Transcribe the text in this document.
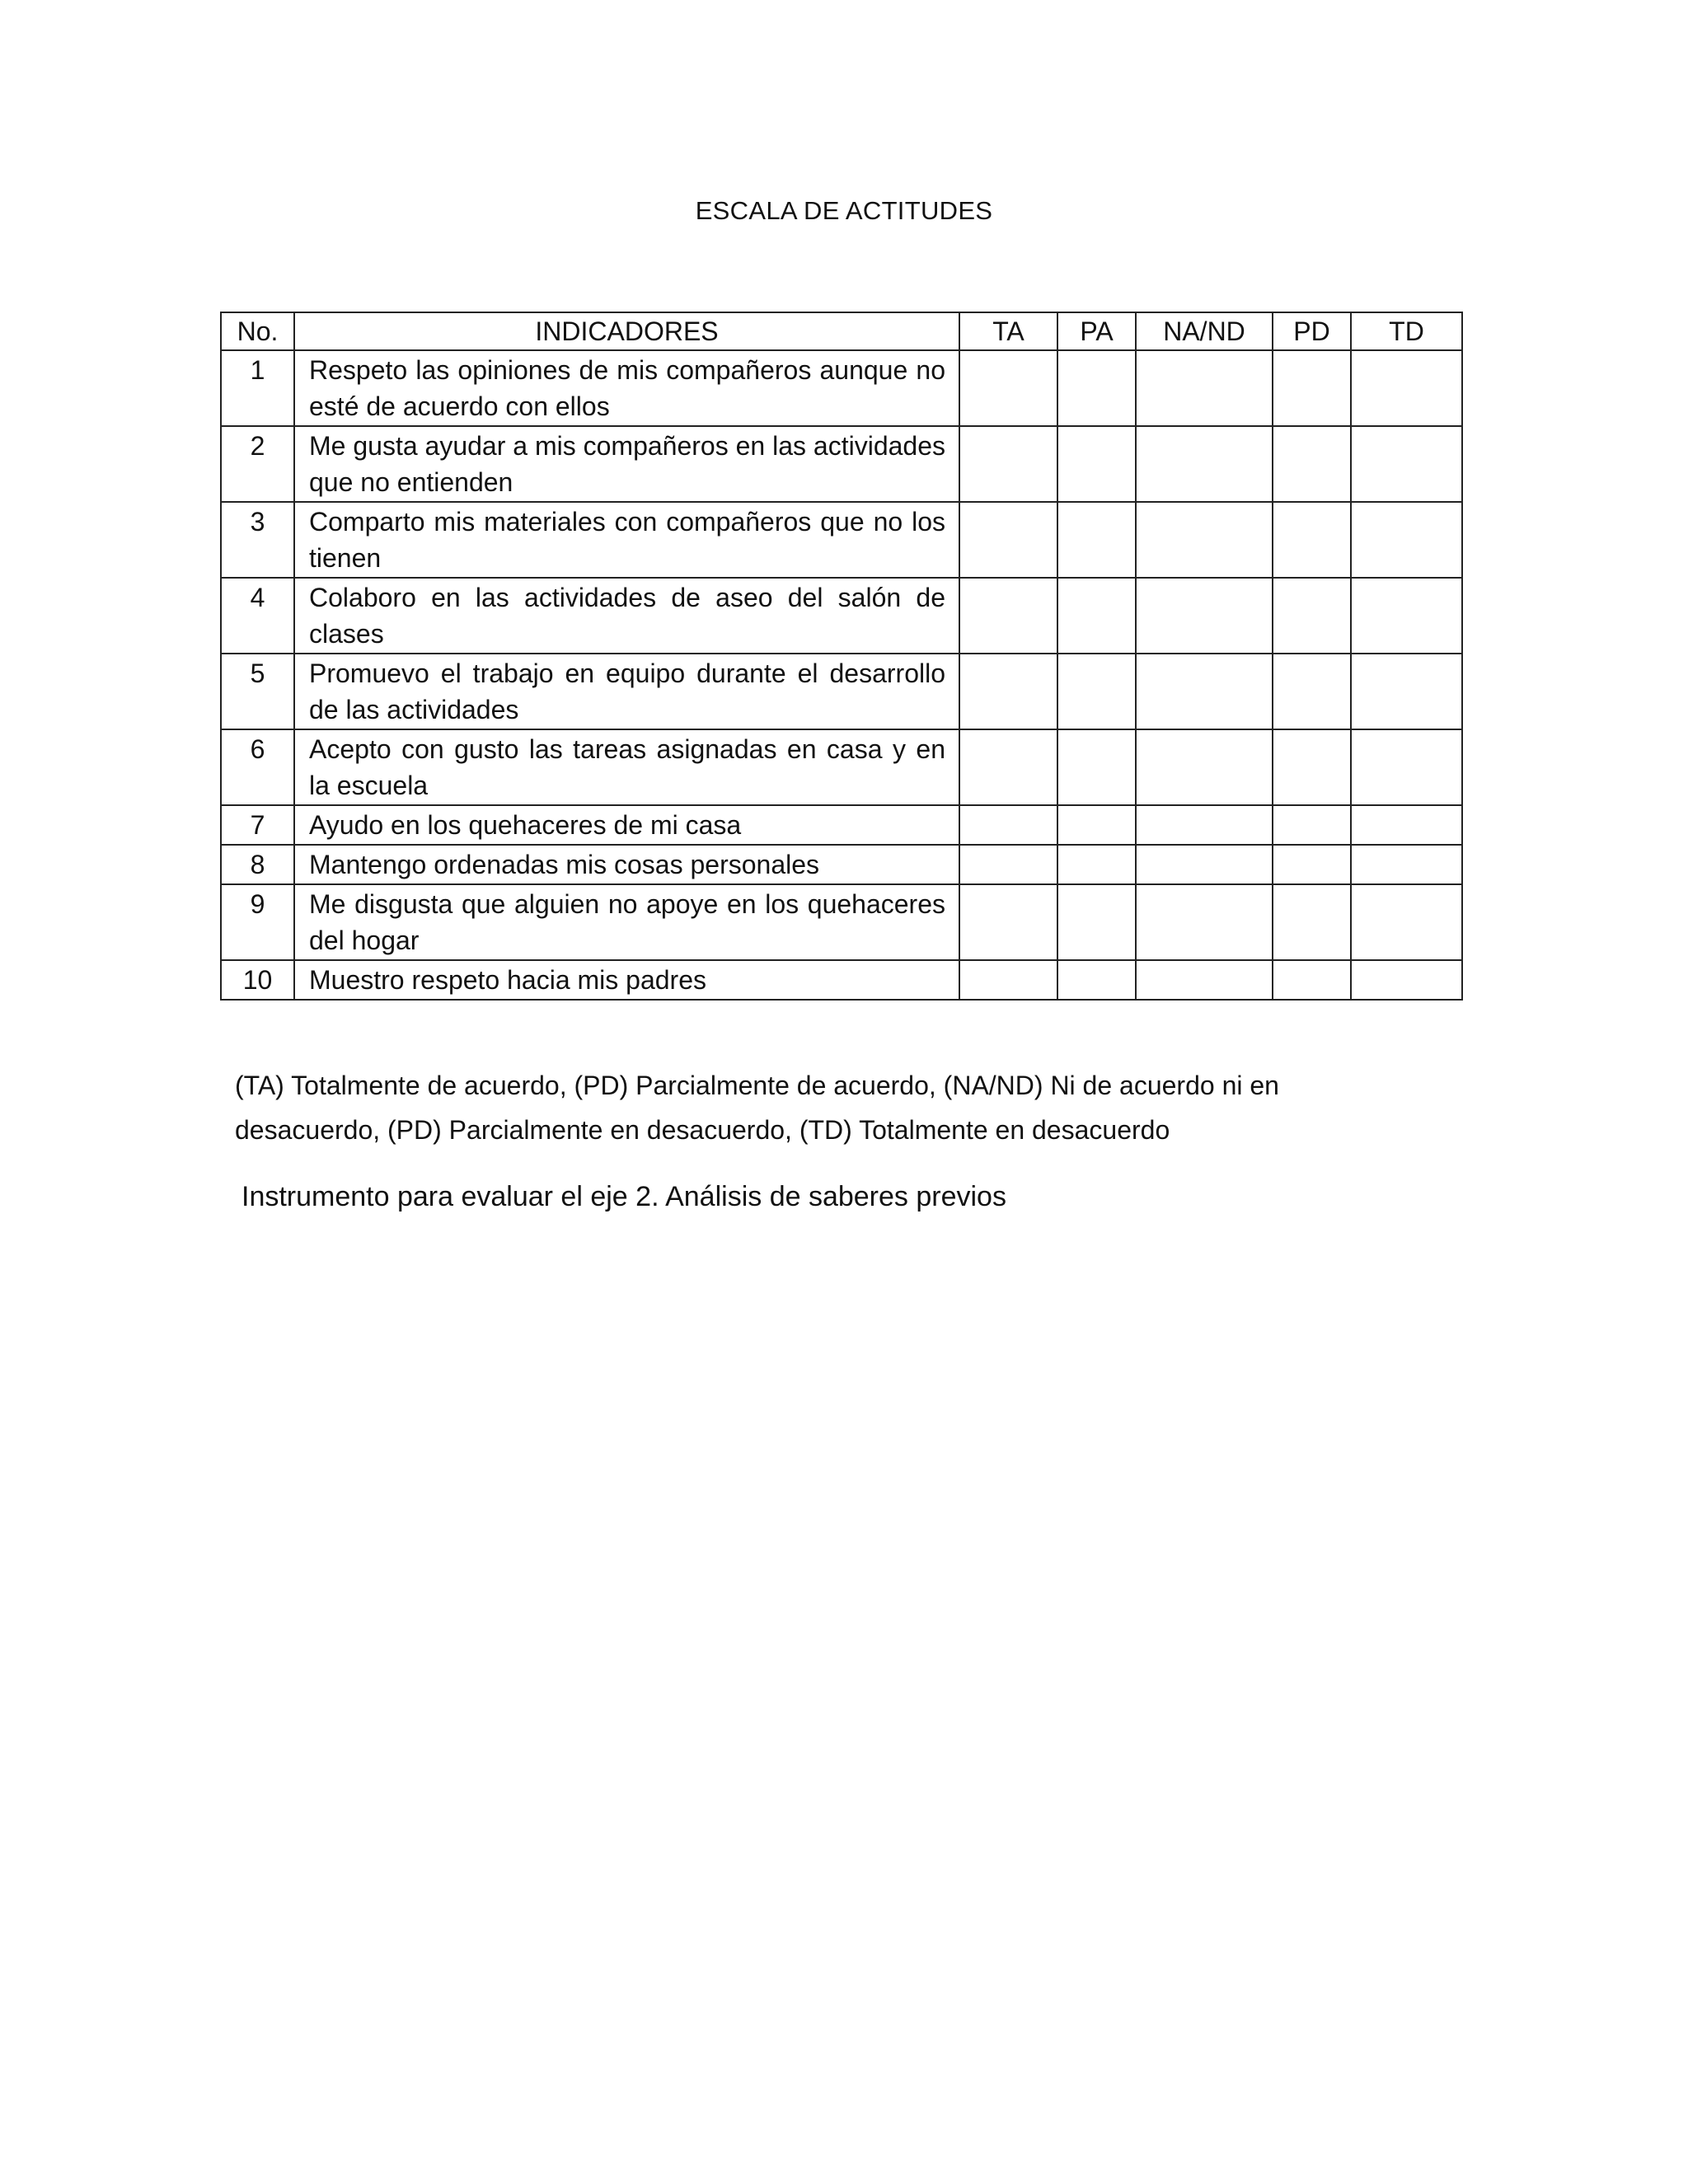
ESCALA DE ACTITUDES
No.	INDICADORES	TA	PA	NA/ND	PD	TD
1	Respeto las opiniones de mis compañeros aunque no esté de acuerdo con ellos					
2	Me gusta ayudar a mis compañeros en las actividades que no entienden					
3	Comparto mis materiales con compañeros que no los tienen					
4	Colaboro en las actividades de aseo del salón de clases					
5	Promuevo el trabajo en equipo durante el desarrollo de las actividades					
6	Acepto con gusto las tareas asignadas en casa y en la escuela					
7	Ayudo en los quehaceres de mi casa					
8	Mantengo ordenadas mis cosas personales					
9	Me disgusta que alguien no apoye en los quehaceres del hogar					
10	Muestro respeto hacia mis padres					
(TA) Totalmente de acuerdo, (PD) Parcialmente de acuerdo, (NA/ND) Ni de acuerdo ni en desacuerdo, (PD) Parcialmente en desacuerdo, (TD) Totalmente en desacuerdo
Instrumento para evaluar el eje 2. Análisis de saberes previos
